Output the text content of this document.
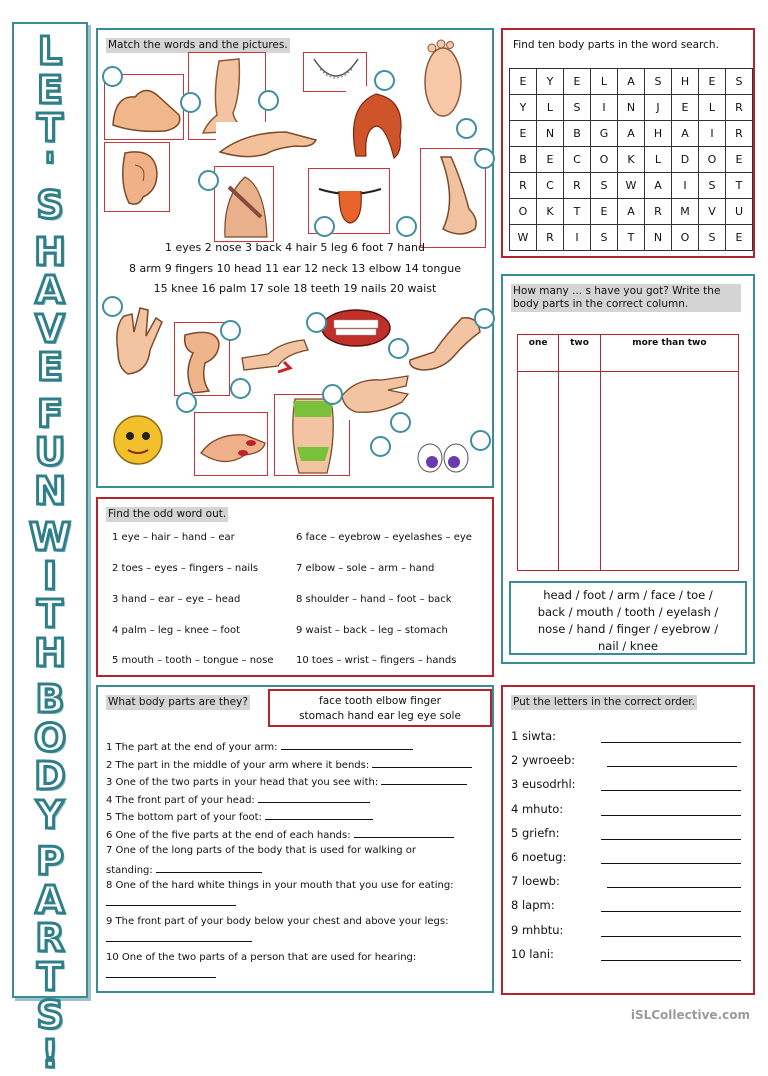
L
E
T
'
S

H
A
V
E

F
U
N

W
I
T
H

B
O
D
Y

P
A
R
T
S
!
Match the words and the pictures.
1 eyes 2 nose 3 back 4 hair 5 leg 6 foot 7 hand
8 arm 9 fingers 10 head 11 ear 12 neck 13 elbow 14 tongue
15 knee 16 palm 17 sole 18 teeth 19 nails 20 waist
Find ten body parts in the word search.
E	Y	E	L	A	S	H	E	S
Y	L	S	I	N	J	E	L	R
E	N	B	G	A	H	A	I	R
B	E	C	O	K	L	D	O	E
R	C	R	S	W	A	I	S	T
O	K	T	E	A	R	M	V	U
W	R	I	S	T	N	O	S	E
How many ... s have you got? Write the body parts in the correct column.
one	two	more than two

head / foot / arm / face / toe /
back / mouth / tooth / eyelash /
nose / hand / finger / eyebrow /
nail / knee
Find the odd word out.
1 eye – hair – hand – ear
2 toes – eyes – fingers – nails
3 hand – ear – eye – head
4 palm – leg – knee – foot
5 mouth – tooth – tongue – nose
6 face – eyebrow – eyelashes – eye
7 elbow – sole – arm – hand
8 shoulder – hand – foot – back
9 waist – back – leg – stomach
10 toes – wrist – fingers – hands
What body parts are they?	face tooth elbow finger
stomach hand ear leg eye sole
1 The part at the end of your arm:
2 The part in the middle of your arm where it bends:
3 One of the two parts in your head that you see with:
4 The front part of your head:
5 The bottom part of your foot:
6 One of the five parts at the end of each hands:
7 One of the long parts of the body that is used for walking or
standing:
8 One of the hard white things in your mouth that you use for eating:
9 The front part of your body below your chest and above your legs:
10 One of the two parts of a person that are used for hearing:
Put the letters in the correct order.
1 siwta:
2 ywroeeb:
3 eusodrhl:
4 mhuto:
5 griefn:
6 noetug:
7 loewb:
8 lapm:
9 mhbtu:
10 lani:
iSLCollective.com
